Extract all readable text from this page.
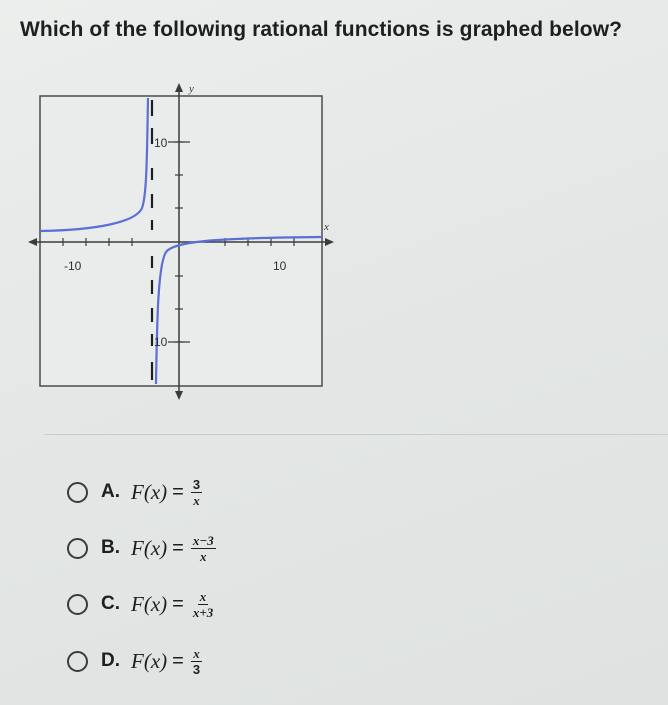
Which of the following rational functions is graphed below?
y
x
-10	10
10
10
A. $F(x) = \frac{3}{x}$
B. $F(x) = \frac{x-3}{x}$
C. $F(x) = \frac{x}{x+3}$
D. $F(x) = \frac{x}{3}$
